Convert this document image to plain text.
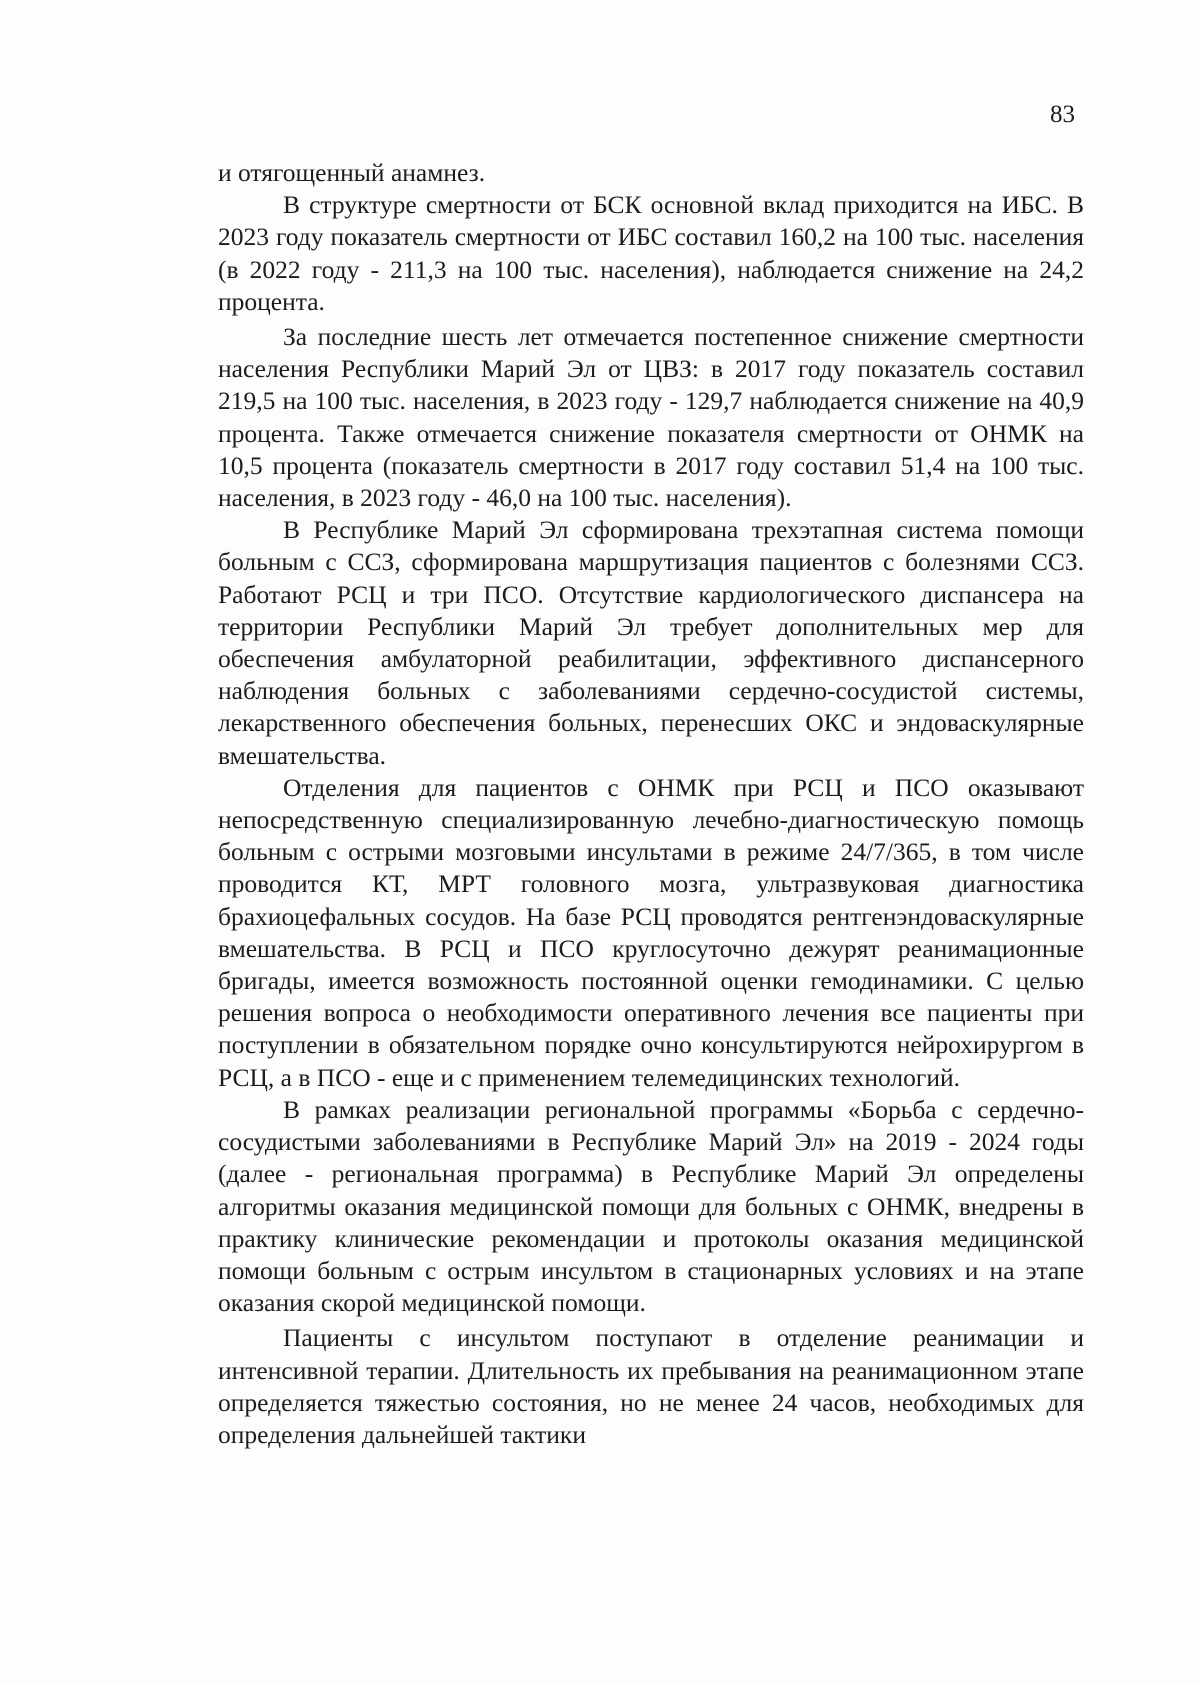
83

и отягощенный анамнез.

В структуре смертности от БСК основной вклад приходится на ИБС. В 2023 году показатель смертности от ИБС составил 160,2 на 100 тыс. населения (в 2022 году - 211,3 на 100 тыс. населения), наблюдается снижение на 24,2 процента.

За последние шесть лет отмечается постепенное снижение смертности населения Республики Марий Эл от ЦВЗ: в 2017 году показатель составил 219,5 на 100 тыс. населения, в 2023 году - 129,7 наблюдается снижение на 40,9 процента. Также отмечается снижение показателя смертности от ОНМК на 10,5 процента (показатель смертности в 2017 году составил 51,4 на 100 тыс. населения, в 2023 году - 46,0 на 100 тыс. населения).

В Республике Марий Эл сформирована трехэтапная система помощи больным с ССЗ, сформирована маршрутизация пациентов с болезнями ССЗ. Работают РСЦ и три ПСО. Отсутствие кардиологического диспансера на территории Республики Марий Эл требует дополнительных мер для обеспечения амбулаторной реабилитации, эффективного диспансерного наблюдения больных с заболеваниями сердечно-сосудистой системы, лекарственного обеспечения больных, перенесших ОКС и эндоваскулярные вмешательства.

Отделения для пациентов с ОНМК при РСЦ и ПСО оказывают непосредственную специализированную лечебно-диагностическую помощь больным с острыми мозговыми инсультами в режиме 24/7/365, в том числе проводится КТ, МРТ головного мозга, ультразвуковая диагностика брахиоцефальных сосудов. На базе РСЦ проводятся рентгенэндоваскулярные вмешательства. В РСЦ и ПСО круглосуточно дежурят реанимационные бригады, имеется возможность постоянной оценки гемодинамики. С целью решения вопроса о необходимости оперативного лечения все пациенты при поступлении в обязательном порядке очно консультируются нейрохирургом в РСЦ, а в ПСО - еще и с применением телемедицинских технологий.

В рамках реализации региональной программы «Борьба с сердечно-сосудистыми заболеваниями в Республике Марий Эл» на 2019 - 2024 годы (далее - региональная программа) в Республике Марий Эл определены алгоритмы оказания медицинской помощи для больных с ОНМК, внедрены в практику клинические рекомендации и протоколы оказания медицинской помощи больным с острым инсультом в стационарных условиях и на этапе оказания скорой медицинской помощи.

Пациенты с инсультом поступают в отделение реанимации и интенсивной терапии. Длительность их пребывания на реанимационном этапе определяется тяжестью состояния, но не менее 24 часов, необходимых для определения дальнейшей тактики
